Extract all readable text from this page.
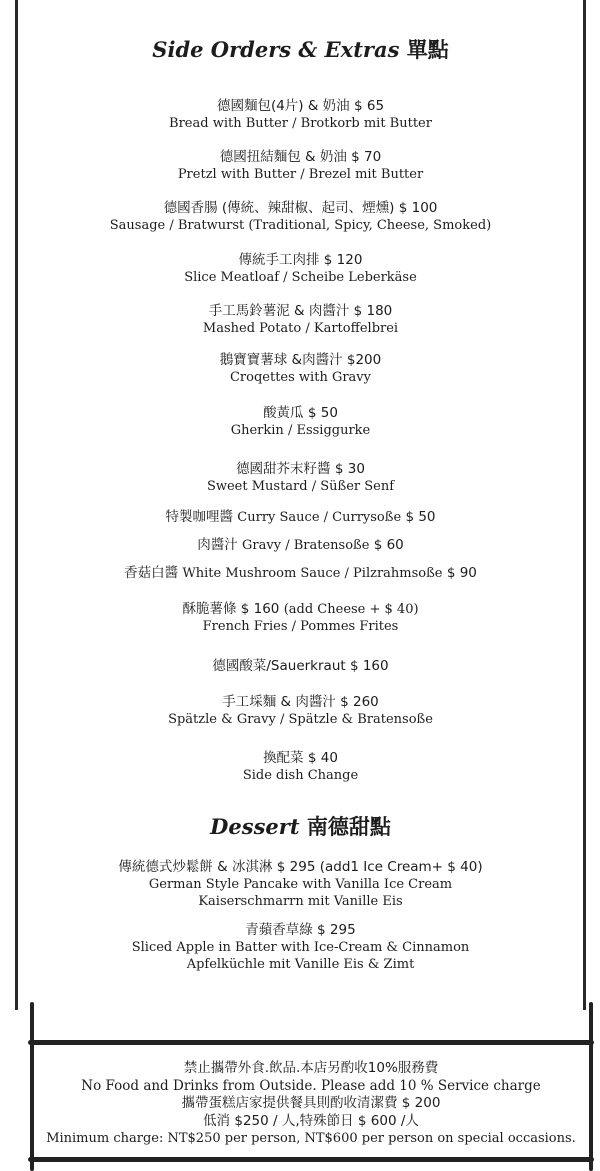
Side Orders & Extras 單點
德國麵包(4片) & 奶油 $ 65
Bread with Butter / Brotkorb mit Butter
德國扭結麵包 & 奶油 $ 70
Pretzl with Butter / Brezel mit Butter
德國香腸 (傳統、辣甜椒、起司、煙燻) $ 100
Sausage / Bratwurst (Traditional, Spicy, Cheese, Smoked)
傳統手工肉排 $ 120
Slice Meatloaf / Scheibe Leberkäse
手工馬鈴薯泥 & 肉醬汁 $ 180
Mashed Potato / Kartoffelbrei
鵝寶寶薯球 &肉醬汁 $200
Croqettes with Gravy
酸黃瓜 $ 50
Gherkin / Essiggurke
德國甜芥末籽醬 $ 30
Sweet Mustard / Süßer Senf
特製咖哩醬 Curry Sauce / Currysoße $ 50
肉醬汁 Gravy / Bratensoße $ 60
香菇白醬 White Mushroom Sauce / Pilzrahmsoße $ 90
酥脆薯條 $ 160 (add Cheese + $ 40)
French Fries / Pommes Frites
德國酸菜/Sauerkraut $ 160
手工埰麵 & 肉醬汁 $ 260
Spätzle & Gravy / Spätzle & Bratensoße
換配菜 $ 40
Side dish Change
Dessert 南德甜點
傳統德式炒鬆餅 & 冰淇淋 $ 295 (add1 Ice Cream+ $ 40)
German Style Pancake with Vanilla Ice Cream
Kaiserschmarrn mit Vanille Eis
青蘋香草綠 $ 295
Sliced Apple in Batter with Ice-Cream & Cinnamon
Apfelküchle mit Vanille Eis & Zimt
禁止攜帶外食.飲品.本店另酌收10%服務費
No Food and Drinks from Outside. Please add 10 % Service charge
攜帶蛋糕店家提供餐具則酌收清潔費 $ 200
低消 $250 / 人,特殊節日 $ 600 /人
Minimum charge: NT$250 per person, NT$600 per person on special occasions.
